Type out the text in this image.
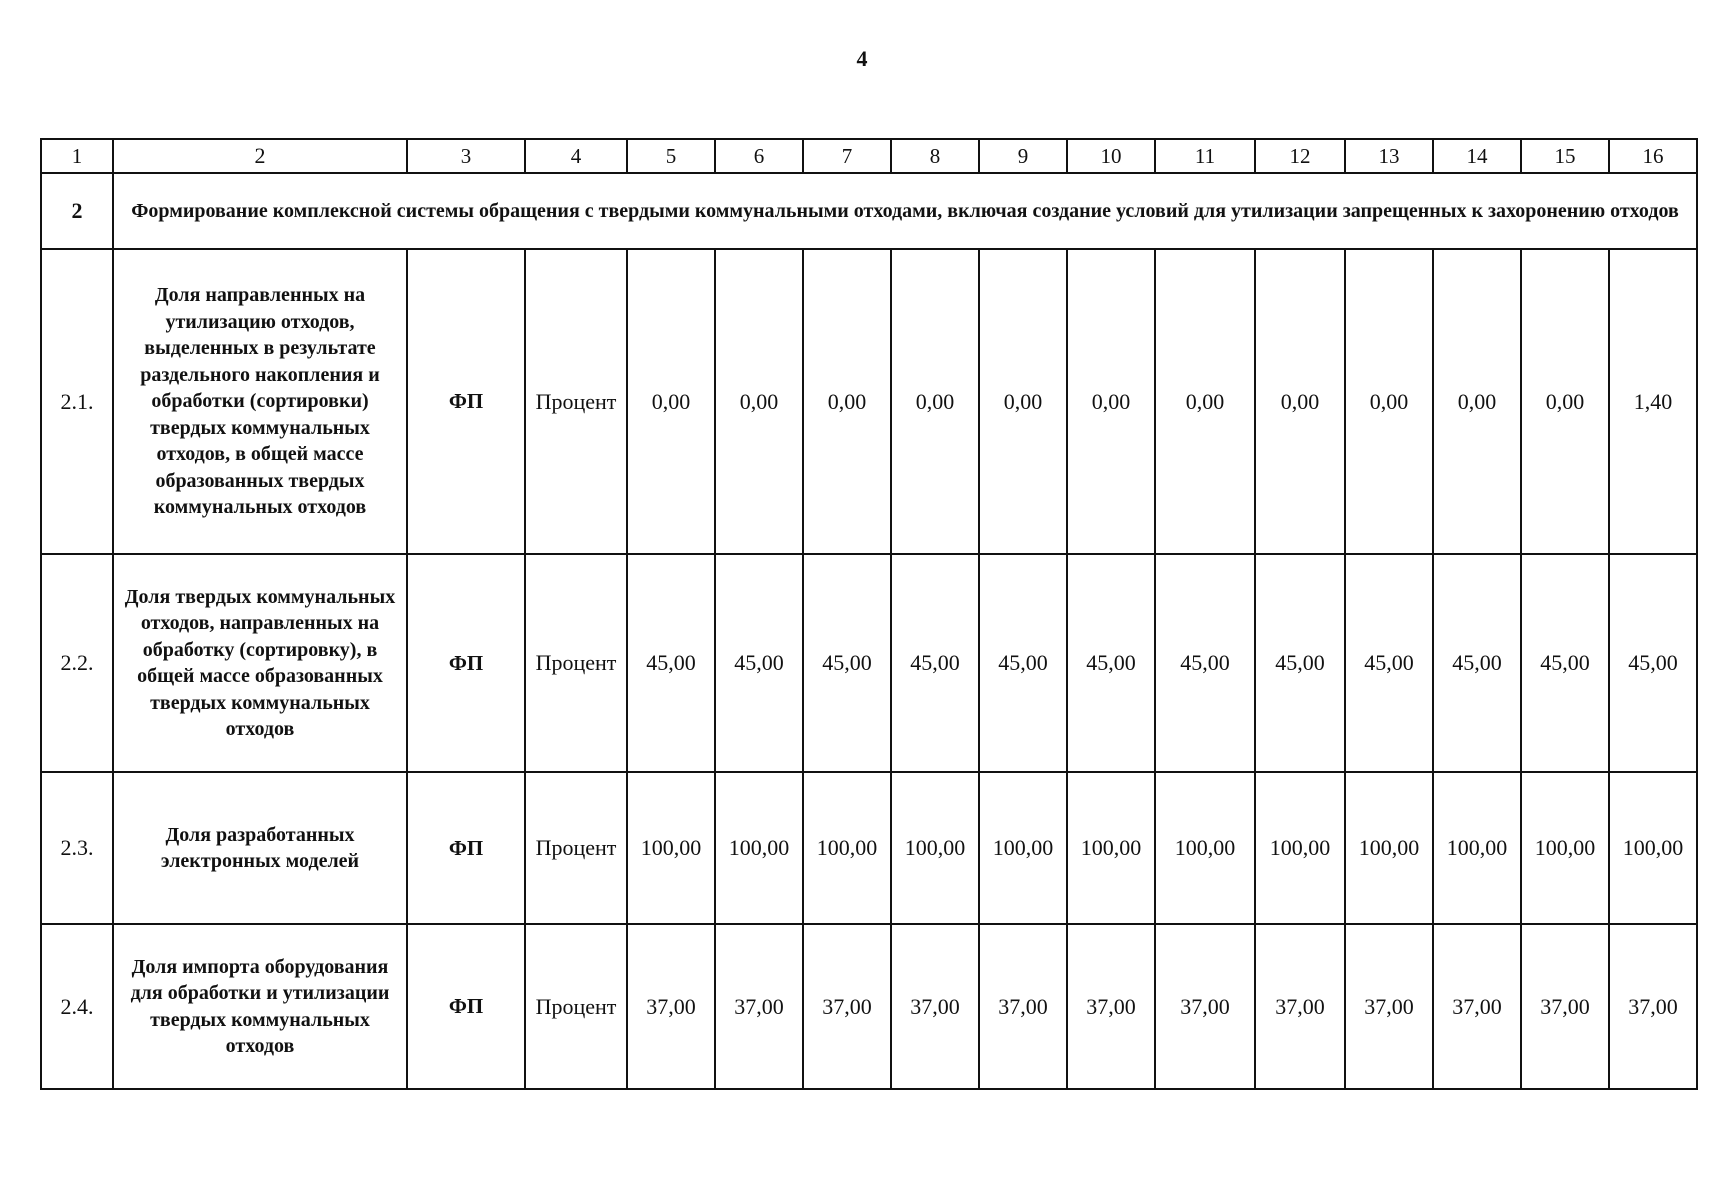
4
1	2	3	4	5	6	7	8	9	10	11	12	13	14	15	16
2	Формирование комплексной системы обращения с твердыми коммунальными отходами, включая создание условий для утилизации запрещенных к захоронению отходов														
2.1.	Доля направленных на утилизацию отходов, выделенных в результате раздельного накопления и обработки (сортировки) твердых коммунальных отходов, в общей массе образованных твердых коммунальных отходов	ФП	Процент	0,00	0,00	0,00	0,00	0,00	0,00	0,00	0,00	0,00	0,00	0,00	1,40
2.2.	Доля твердых коммунальных отходов, направленных на обработку (сортировку), в общей массе образованных твердых коммунальных отходов	ФП	Процент	45,00	45,00	45,00	45,00	45,00	45,00	45,00	45,00	45,00	45,00	45,00	45,00
2.3.	Доля разработанных электронных моделей	ФП	Процент	100,00	100,00	100,00	100,00	100,00	100,00	100,00	100,00	100,00	100,00	100,00	100,00
2.4.	Доля импорта оборудования для обработки и утилизации твердых коммунальных отходов	ФП	Процент	37,00	37,00	37,00	37,00	37,00	37,00	37,00	37,00	37,00	37,00	37,00	37,00
